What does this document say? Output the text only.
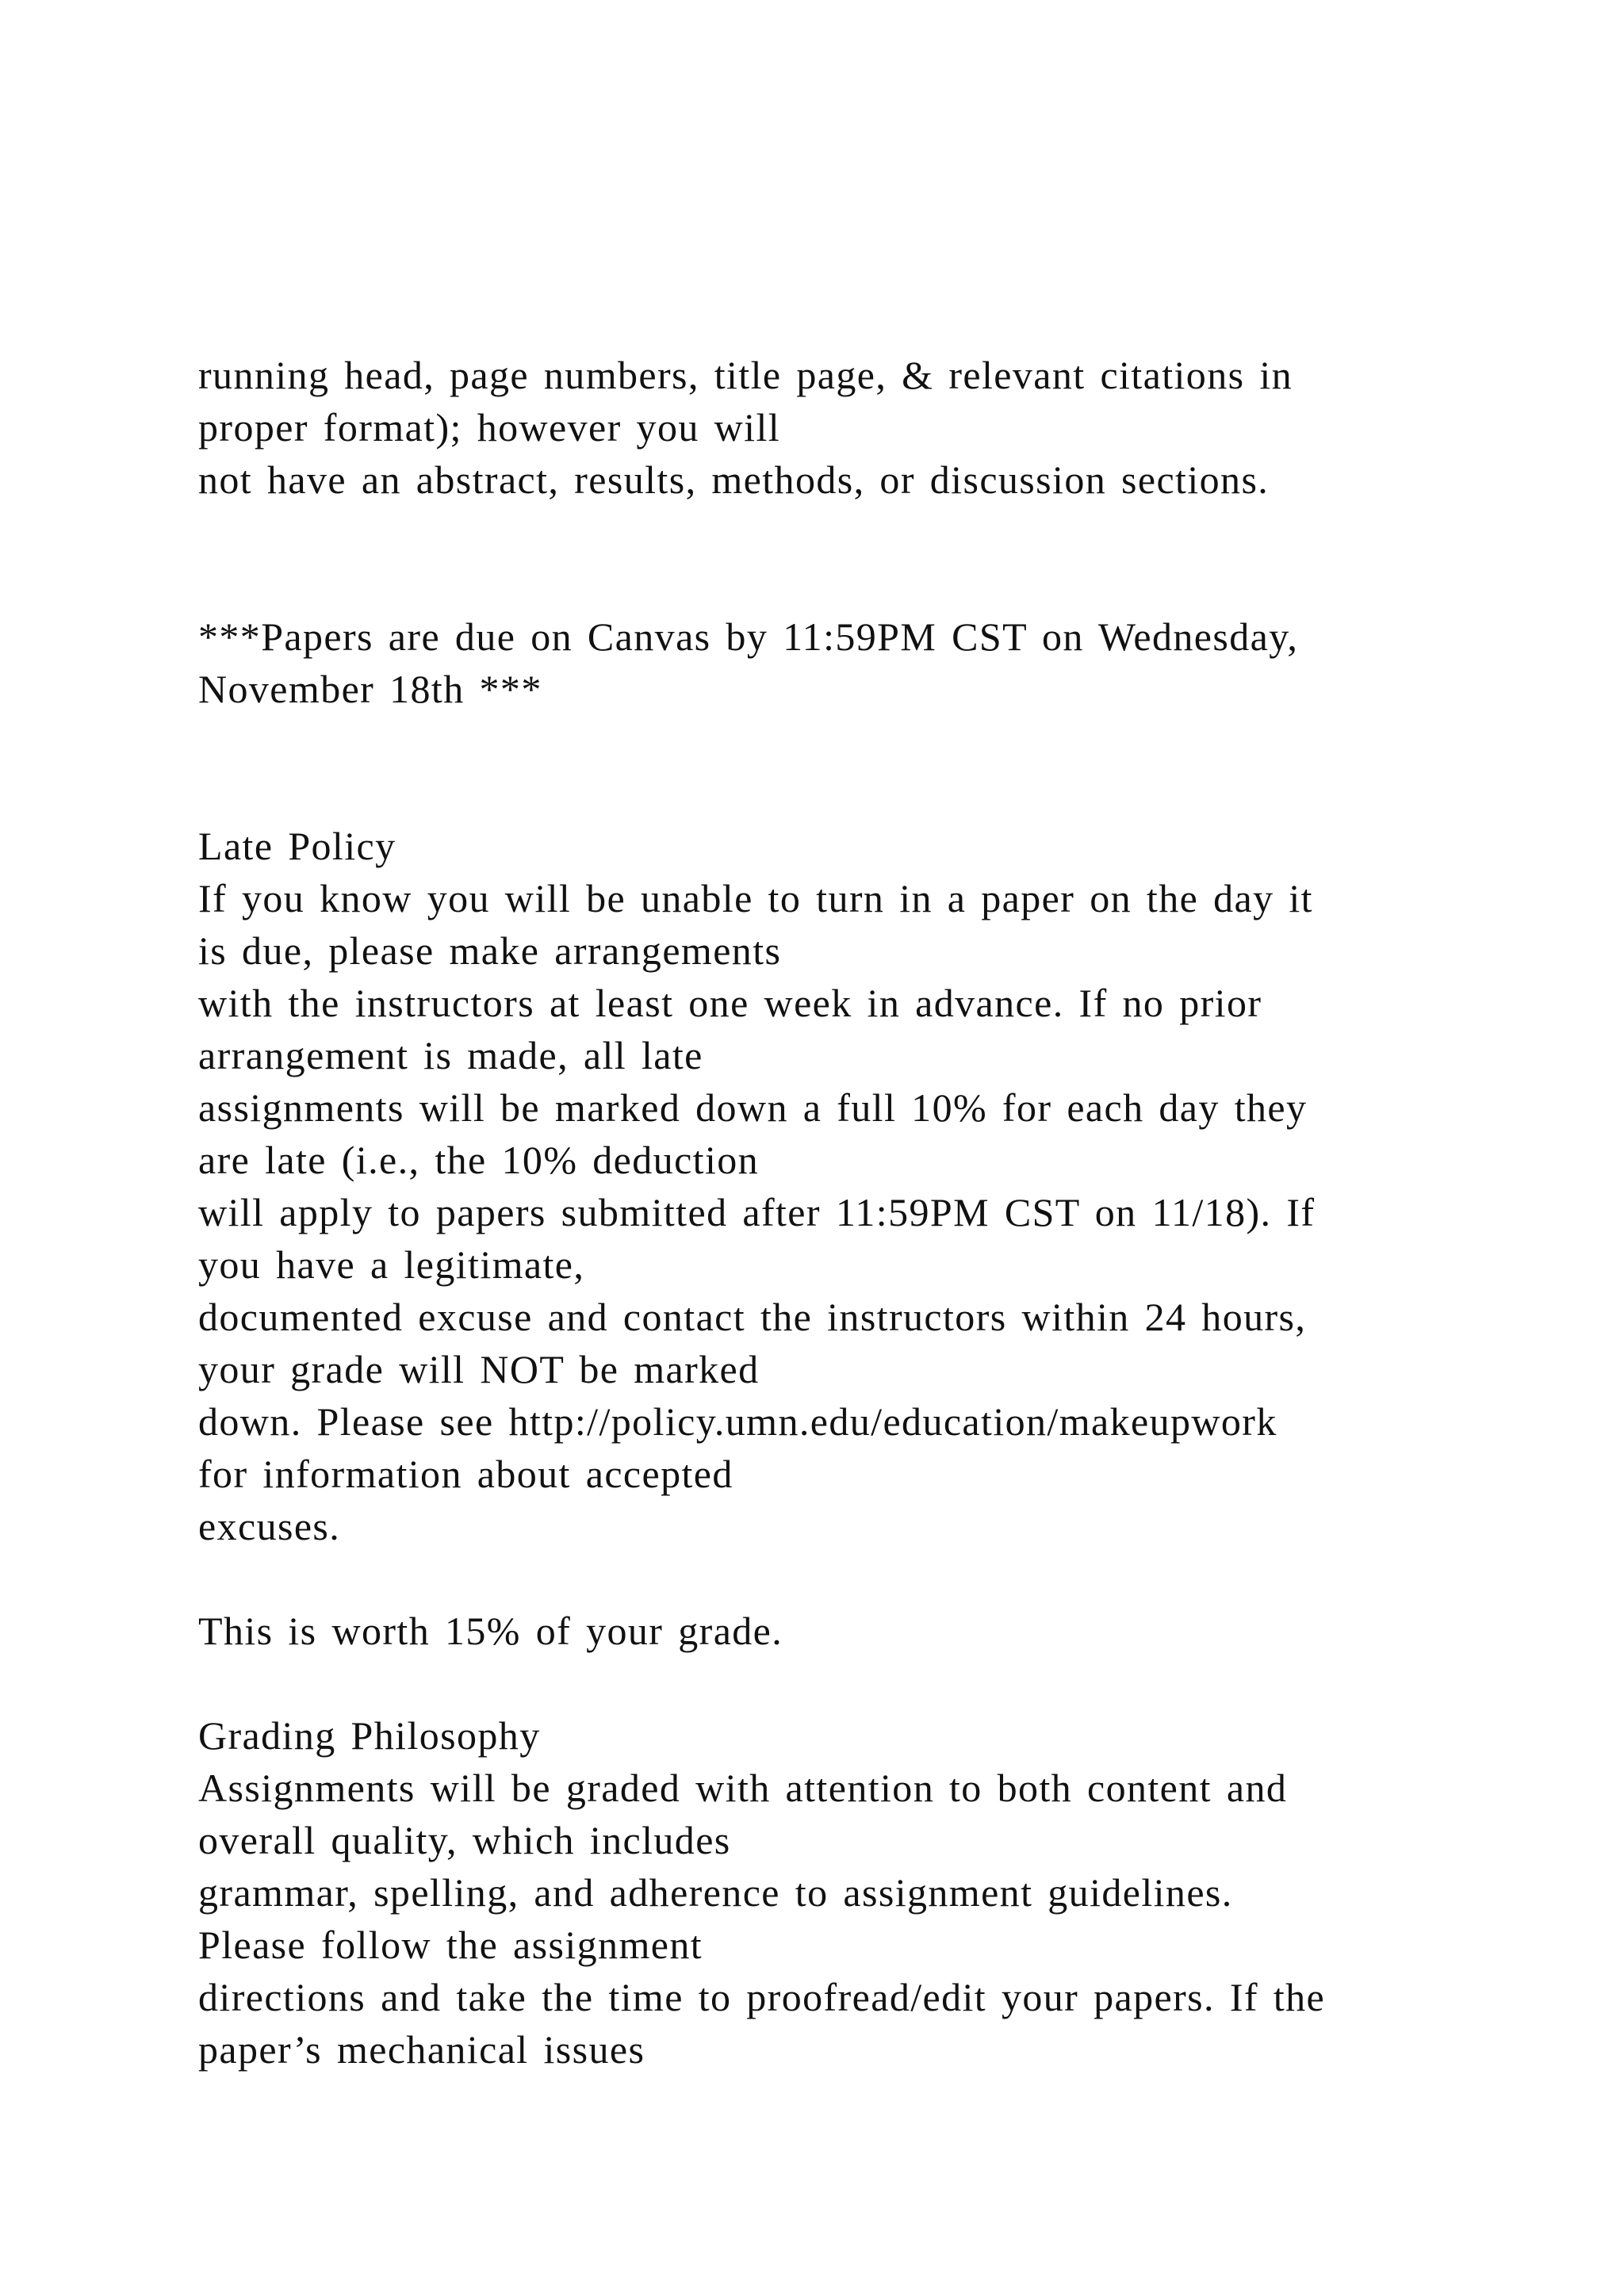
running head, page numbers, title page, & relevant citations in
proper format); however you will
not have an abstract, results, methods, or discussion sections.
***Papers are due on Canvas by 11:59PM CST on Wednesday,
November 18th ***
Late Policy
If you know you will be unable to turn in a paper on the day it
is due, please make arrangements
with the instructors at least one week in advance. If no prior
arrangement is made, all late
assignments will be marked down a full 10% for each day they
are late (i.e., the 10% deduction
will apply to papers submitted after 11:59PM CST on 11/18). If
you have a legitimate,
documented excuse and contact the instructors within 24 hours,
your grade will NOT be marked
down. Please see http://policy.umn.edu/education/makeupwork
for information about accepted
excuses.
This is worth 15% of your grade.
Grading Philosophy
Assignments will be graded with attention to both content and
overall quality, which includes
grammar, spelling, and adherence to assignment guidelines.
Please follow the assignment
directions and take the time to proofread/edit your papers. If the
paper’s mechanical issues
